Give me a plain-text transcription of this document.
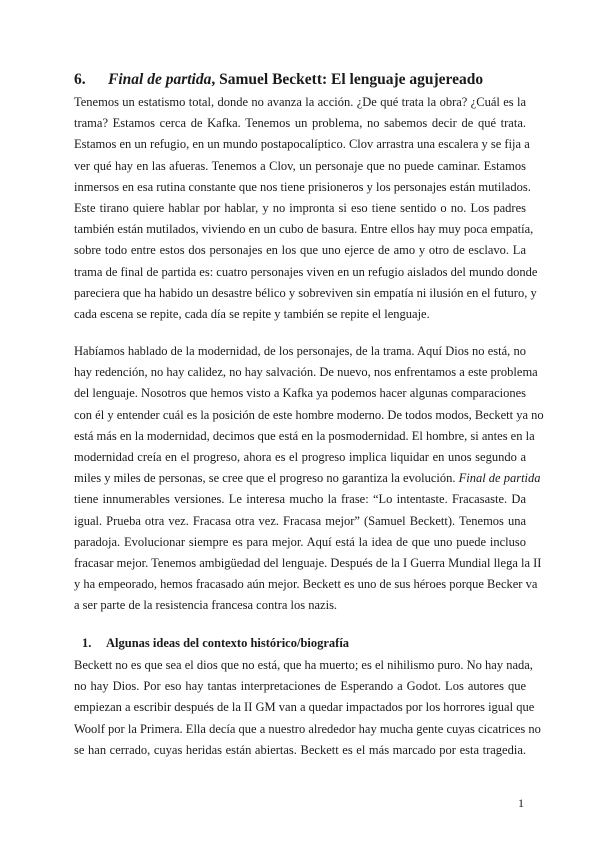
6. Final de partida, Samuel Beckett: El lenguaje agujereado
Tenemos un estatismo total, donde no avanza la acción. ¿De qué trata la obra? ¿Cuál es la
trama? Estamos cerca de Kafka. Tenemos un problema, no sabemos decir de qué trata.
Estamos en un refugio, en un mundo postapocalíptico. Clov arrastra una escalera y se fija a
ver qué hay en las afueras. Tenemos a Clov, un personaje que no puede caminar. Estamos
inmersos en esa rutina constante que nos tiene prisioneros y los personajes están mutilados.
Este tirano quiere hablar por hablar, y no impronta si eso tiene sentido o no. Los padres
también están mutilados, viviendo en un cubo de basura. Entre ellos hay muy poca empatía,
sobre todo entre estos dos personajes en los que uno ejerce de amo y otro de esclavo. La
trama de final de partida es: cuatro personajes viven en un refugio aislados del mundo donde
pareciera que ha habido un desastre bélico y sobreviven sin empatía ni ilusión en el futuro, y
cada escena se repite, cada día se repite y también se repite el lenguaje.
Habíamos hablado de la modernidad, de los personajes, de la trama. Aquí Dios no está, no
hay redención, no hay calidez, no hay salvación. De nuevo, nos enfrentamos a este problema
del lenguaje. Nosotros que hemos visto a Kafka ya podemos hacer algunas comparaciones
con él y entender cuál es la posición de este hombre moderno. De todos modos, Beckett ya no
está más en la modernidad, decimos que está en la posmodernidad. El hombre, si antes en la
modernidad creía en el progreso, ahora es el progreso implica liquidar en unos segundo a
miles y miles de personas, se cree que el progreso no garantiza la evolución. Final de partida
tiene innumerables versiones. Le interesa mucho la frase: “Lo intentaste. Fracasaste. Da
igual. Prueba otra vez. Fracasa otra vez. Fracasa mejor” (Samuel Beckett). Tenemos una
paradoja. Evolucionar siempre es para mejor. Aquí está la idea de que uno puede incluso
fracasar mejor. Tenemos ambigüedad del lenguaje. Después de la I Guerra Mundial llega la II
y ha empeorado, hemos fracasado aún mejor. Beckett es uno de sus héroes porque Becker va
a ser parte de la resistencia francesa contra los nazis.
1. Algunas ideas del contexto histórico/biografía
Beckett no es que sea el dios que no está, que ha muerto; es el nihilismo puro. No hay nada,
no hay Dios. Por eso hay tantas interpretaciones de Esperando a Godot. Los autores que
empiezan a escribir después de la II GM van a quedar impactados por los horrores igual que
Woolf por la Primera. Ella decía que a nuestro alrededor hay mucha gente cuyas cicatrices no
se han cerrado, cuyas heridas están abiertas. Beckett es el más marcado por esta tragedia.
1
